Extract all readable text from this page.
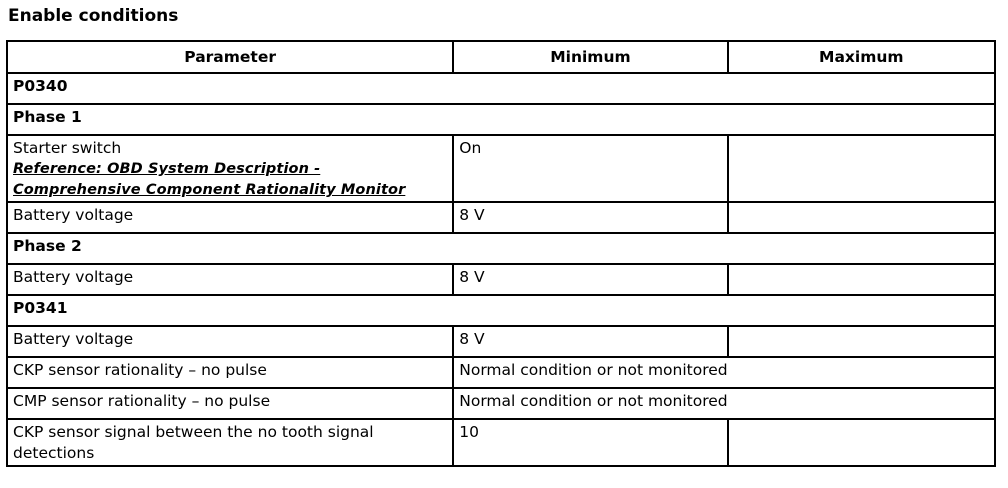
Enable conditions
Parameter	Minimum	Maximum
P0340		
Phase 1		

Starter switch
Reference: OBD System Description -
Comprehensive Component Rationality Monitor	On	
Battery voltage	8 V	
Phase 2		
Battery voltage	8 V	
P0341		
Battery voltage	8 V	
CKP sensor rationality – no pulse	Normal condition or not monitored	
CMP sensor rationality – no pulse	Normal condition or not monitored	

CKP sensor signal between the no tooth signal
detections	10	
